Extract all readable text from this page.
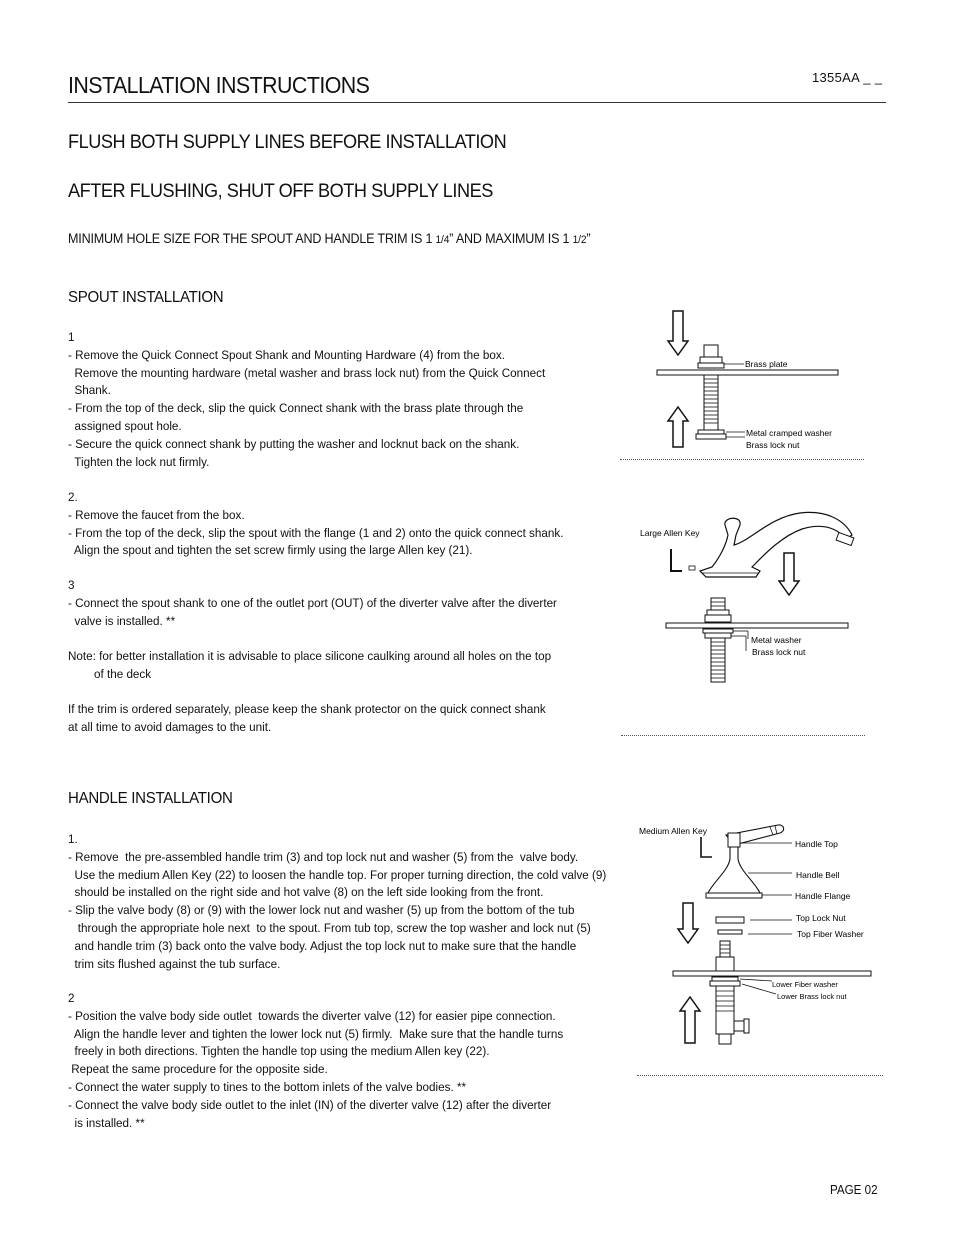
INSTALLATION INSTRUCTIONS	1355AA _ _
FLUSH BOTH SUPPLY LINES BEFORE INSTALLATION
AFTER FLUSHING, SHUT OFF BOTH SUPPLY LINES
MINIMUM HOLE SIZE FOR THE SPOUT AND HANDLE TRIM IS 1 1/4” AND MAXIMUM IS 1 1/2”
SPOUT INSTALLATION
1
- Remove the Quick Connect Spout Shank and Mounting Hardware (4) from the box.
Remove the mounting hardware (metal washer and brass lock nut) from the Quick Connect
Shank.
- From the top of the deck, slip the quick Connect shank with the brass plate through the
assigned spout hole.
- Secure the quick connect shank by putting the washer and locknut back on the shank.
Tighten the lock nut firmly.
2.
- Remove the faucet from the box.
- From the top of the deck, slip the spout with the flange (1 and 2) onto the quick connect shank.
Align the spout and tighten the set screw firmly using the large Allen key (21).
3
- Connect the spout shank to one of the outlet port (OUT) of the diverter valve after the diverter
valve is installed. **
Note: for better installation it is advisable to place silicone caulking around all holes on the top
of the deck
If the trim is ordered separately, please keep the shank protector on the quick connect shank
at all time to avoid damages to the unit.
HANDLE INSTALLATION
1.
- Remove  the pre-assembled handle trim (3) and top lock nut and washer (5) from the  valve body.
Use the medium Allen Key (22) to loosen the handle top. For proper turning direction, the cold valve (9)
should be installed on the right side and hot valve (8) on the left side looking from the front.
- Slip the valve body (8) or (9) with the lower lock nut and washer (5) up from the bottom of the tub
through the appropriate hole next  to the spout. From tub top, screw the top washer and lock nut (5)
and handle trim (3) back onto the valve body. Adjust the top lock nut to make sure that the handle
trim sits flushed against the tub surface.
2
- Position the valve body side outlet  towards the diverter valve (12) for easier pipe connection.
Align the handle lever and tighten the lower lock nut (5) firmly.  Make sure that the handle turns
freely in both directions. Tighten the handle top using the medium Allen key (22).
Repeat the same procedure for the opposite side.
- Connect the water supply to tines to the bottom inlets of the valve bodies. **
- Connect the valve body side outlet to the inlet (IN) of the diverter valve (12) after the diverter
is installed. **
Brass plate
Metal cramped washer
Brass lock nut
Large Allen Key
Metal washer
Brass lock nut
Medium Allen Key
Handle Top
Handle Bell
Handle Flange
Top Lock Nut
Top Fiber Washer
Lower Fiber washer
Lower Brass lock nut
PAGE 02
